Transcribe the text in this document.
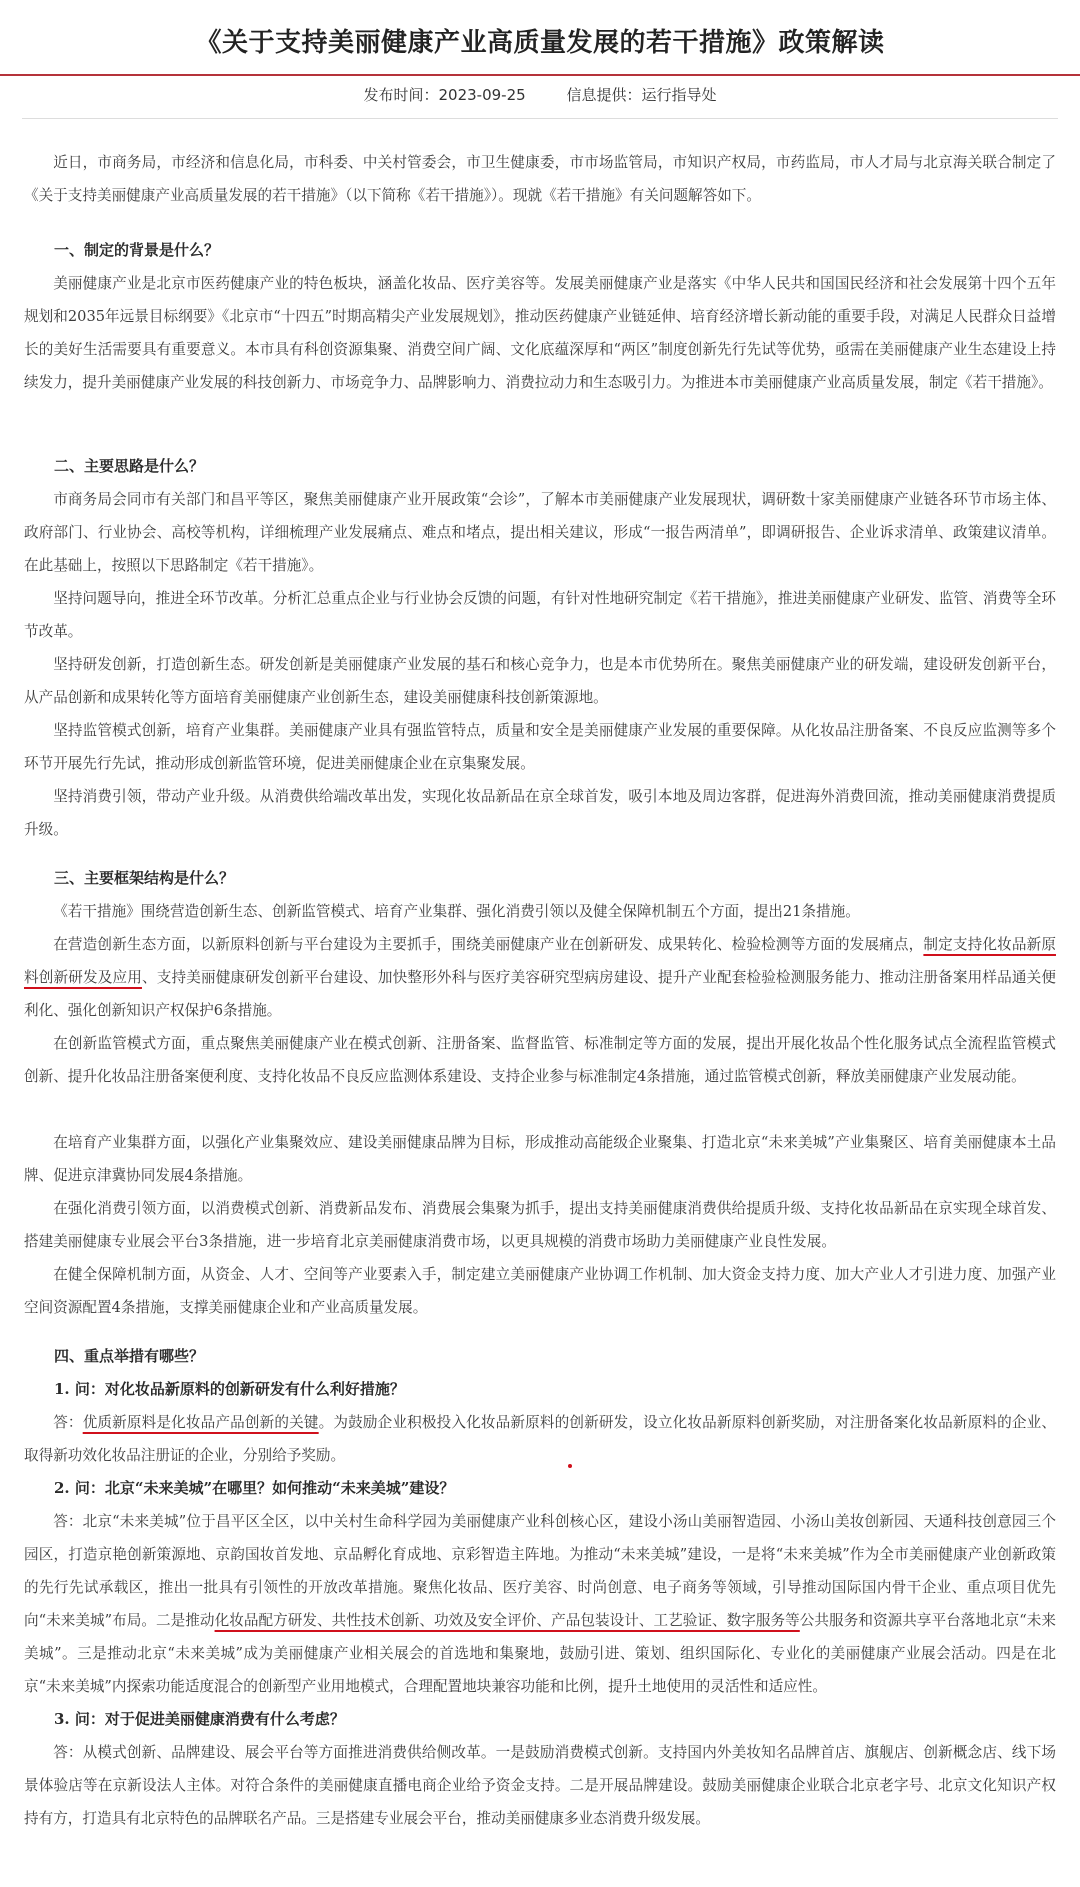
《关于支持美丽健康产业高质量发展的若干措施》政策解读
发布时间：2023-09-25	信息提供：运行指导处

近日，市商务局，市经济和信息化局，市科委、中关村管委会，市卫生健康委，市市场监管局，市知识产权局，市药监局，市人才局与北京海关联合制定了《关于支持美丽健康产业高质量发展的若干措施》（以下简称《若干措施》）。现就《若干措施》有关问题解答如下。

一、制定的背景是什么？

美丽健康产业是北京市医药健康产业的特色板块，涵盖化妆品、医疗美容等。发展美丽健康产业是落实《中华人民共和国国民经济和社会发展第十四个五年规划和2035年远景目标纲要》《北京市“十四五”时期高精尖产业发展规划》，推动医药健康产业链延伸、培育经济增长新动能的重要手段，对满足人民群众日益增长的美好生活需要具有重要意义。本市具有科创资源集聚、消费空间广阔、文化底蕴深厚和“两区”制度创新先行先试等优势，亟需在美丽健康产业生态建设上持续发力，提升美丽健康产业发展的科技创新力、市场竞争力、品牌影响力、消费拉动力和生态吸引力。为推进本市美丽健康产业高质量发展，制定《若干措施》。

二、主要思路是什么？

市商务局会同市有关部门和昌平等区，聚焦美丽健康产业开展政策“会诊”，了解本市美丽健康产业发展现状，调研数十家美丽健康产业链各环节市场主体、政府部门、行业协会、高校等机构，详细梳理产业发展痛点、难点和堵点，提出相关建议，形成“一报告两清单”，即调研报告、企业诉求清单、政策建议清单。在此基础上，按照以下思路制定《若干措施》。

坚持问题导向，推进全环节改革。分析汇总重点企业与行业协会反馈的问题，有针对性地研究制定《若干措施》，推进美丽健康产业研发、监管、消费等全环节改革。

坚持研发创新，打造创新生态。研发创新是美丽健康产业发展的基石和核心竞争力，也是本市优势所在。聚焦美丽健康产业的研发端，建设研发创新平台，从产品创新和成果转化等方面培育美丽健康产业创新生态，建设美丽健康科技创新策源地。

坚持监管模式创新，培育产业集群。美丽健康产业具有强监管特点，质量和安全是美丽健康产业发展的重要保障。从化妆品注册备案、不良反应监测等多个环节开展先行先试，推动形成创新监管环境，促进美丽健康企业在京集聚发展。

坚持消费引领，带动产业升级。从消费供给端改革出发，实现化妆品新品在京全球首发，吸引本地及周边客群，促进海外消费回流，推动美丽健康消费提质升级。

三、主要框架结构是什么？

《若干措施》围绕营造创新生态、创新监管模式、培育产业集群、强化消费引领以及健全保障机制五个方面，提出21条措施。

在营造创新生态方面，以新原料创新与平台建设为主要抓手，围绕美丽健康产业在创新研发、成果转化、检验检测等方面的发展痛点，制定支持化妆品新原料创新研发及应用、支持美丽健康研发创新平台建设、加快整形外科与医疗美容研究型病房建设、提升产业配套检验检测服务能力、推动注册备案用样品通关便利化、强化创新知识产权保护6条措施。

在创新监管模式方面，重点聚焦美丽健康产业在模式创新、注册备案、监督监管、标准制定等方面的发展，提出开展化妆品个性化服务试点全流程监管模式创新、提升化妆品注册备案便利度、支持化妆品不良反应监测体系建设、支持企业参与标准制定4条措施，通过监管模式创新，释放美丽健康产业发展动能。

在培育产业集群方面，以强化产业集聚效应、建设美丽健康品牌为目标，形成推动高能级企业聚集、打造北京“未来美城”产业集聚区、培育美丽健康本土品牌、促进京津冀协同发展4条措施。

在强化消费引领方面，以消费模式创新、消费新品发布、消费展会集聚为抓手，提出支持美丽健康消费供给提质升级、支持化妆品新品在京实现全球首发、搭建美丽健康专业展会平台3条措施，进一步培育北京美丽健康消费市场，以更具规模的消费市场助力美丽健康产业良性发展。

在健全保障机制方面，从资金、人才、空间等产业要素入手，制定建立美丽健康产业协调工作机制、加大资金支持力度、加大产业人才引进力度、加强产业空间资源配置4条措施，支撑美丽健康企业和产业高质量发展。

四、重点举措有哪些？

1. 问：对化妆品新原料的创新研发有什么利好措施？

答：优质新原料是化妆品产品创新的关键。为鼓励企业积极投入化妆品新原料的创新研发，设立化妆品新原料创新奖励，对注册备案化妆品新原料的企业、取得新功效化妆品注册证的企业，分别给予奖励。

2. 问：北京“未来美城”在哪里？如何推动“未来美城”建设？

答：北京“未来美城”位于昌平区全区，以中关村生命科学园为美丽健康产业科创核心区，建设小汤山美丽智造园、小汤山美妆创新园、天通科技创意园三个园区，打造京艳创新策源地、京韵国妆首发地、京品孵化育成地、京彩智造主阵地。为推动“未来美城”建设，一是将“未来美城”作为全市美丽健康产业创新政策的先行先试承载区，推出一批具有引领性的开放改革措施。聚焦化妆品、医疗美容、时尚创意、电子商务等领域，引导推动国际国内骨干企业、重点项目优先向“未来美城”布局。二是推动化妆品配方研发、共性技术创新、功效及安全评价、产品包装设计、工艺验证、数字服务等公共服务和资源共享平台落地北京“未来美城”。三是推动北京“未来美城”成为美丽健康产业相关展会的首选地和集聚地，鼓励引进、策划、组织国际化、专业化的美丽健康产业展会活动。四是在北京“未来美城”内探索功能适度混合的创新型产业用地模式，合理配置地块兼容功能和比例，提升土地使用的灵活性和适应性。

3. 问：对于促进美丽健康消费有什么考虑？

答：从模式创新、品牌建设、展会平台等方面推进消费供给侧改革。一是鼓励消费模式创新。支持国内外美妆知名品牌首店、旗舰店、创新概念店、线下场景体验店等在京新设法人主体。对符合条件的美丽健康直播电商企业给予资金支持。二是开展品牌建设。鼓励美丽健康企业联合北京老字号、北京文化知识产权持有方，打造具有北京特色的品牌联名产品。三是搭建专业展会平台，推动美丽健康多业态消费升级发展。
